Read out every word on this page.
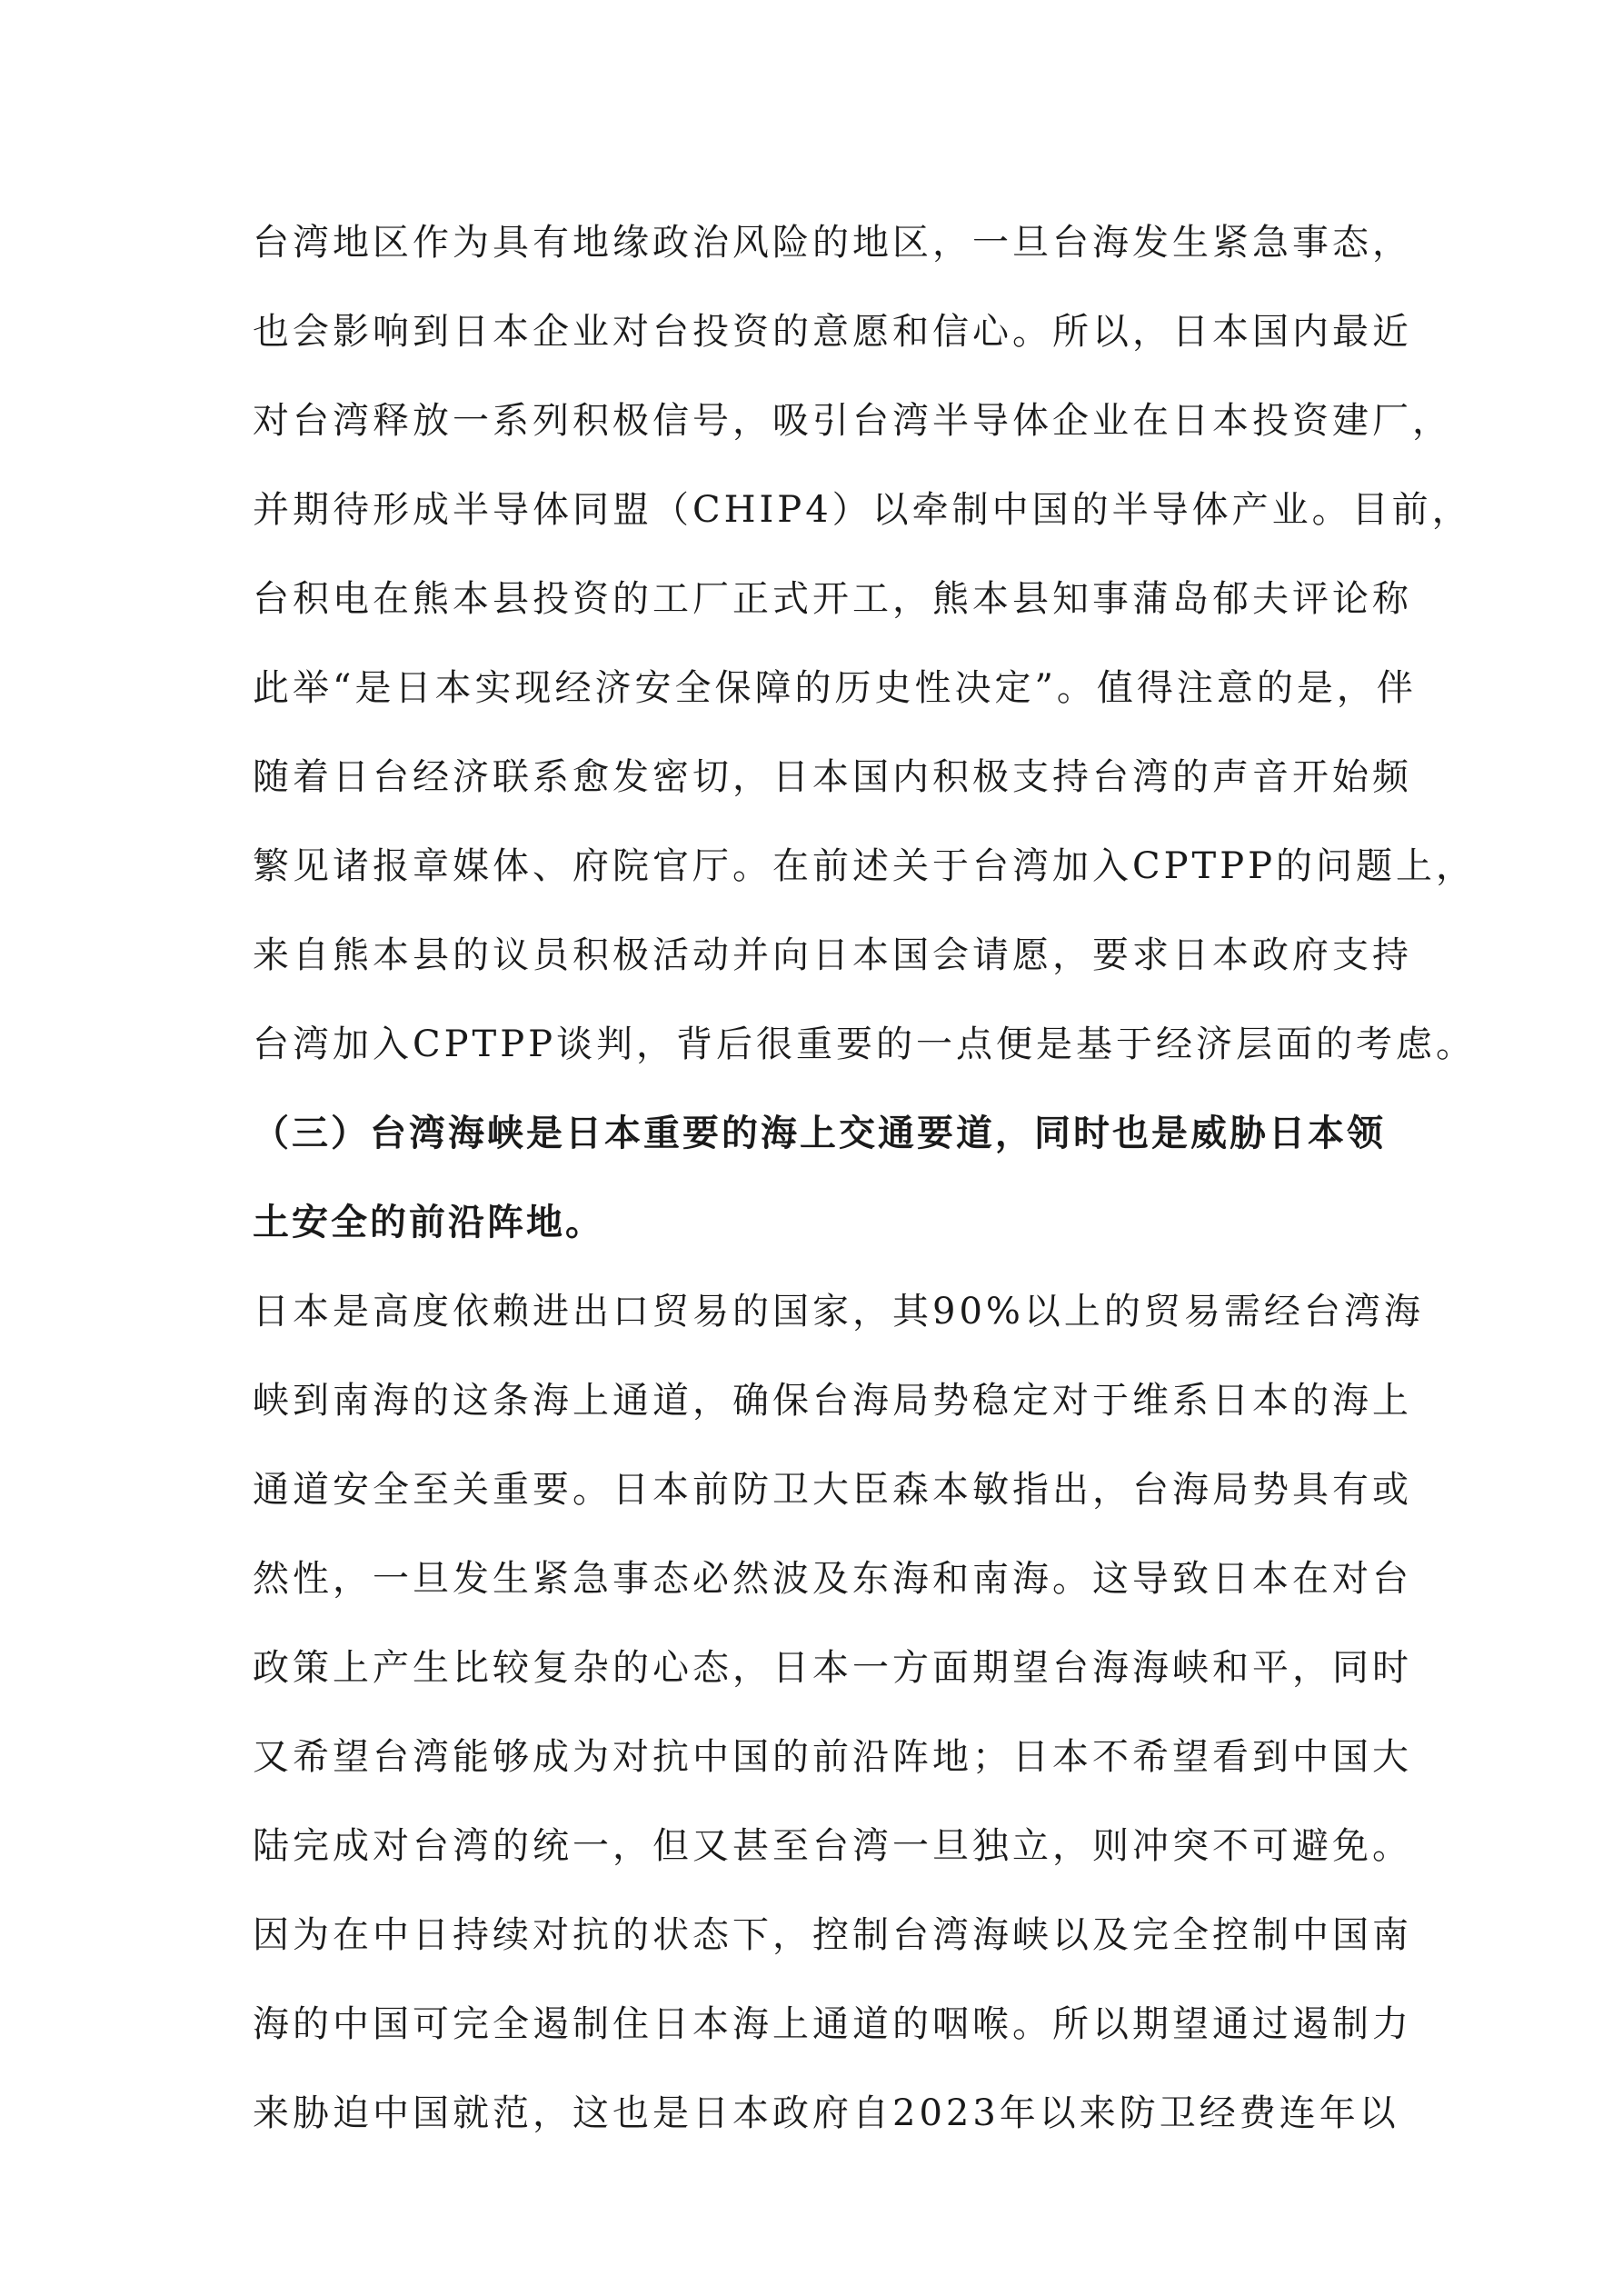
台湾地区作为具有地缘政治风险的地区，一旦台海发生紧急事态，
也会影响到日本企业对台投资的意愿和信心。所以，日本国内最近
对台湾释放一系列积极信号，吸引台湾半导体企业在日本投资建厂，
并期待形成半导体同盟（CHIP4）以牵制中国的半导体产业。目前，
台积电在熊本县投资的工厂正式开工，熊本县知事蒲岛郁夫评论称
此举“是日本实现经济安全保障的历史性决定”。值得注意的是，伴
随着日台经济联系愈发密切，日本国内积极支持台湾的声音开始频
繁见诸报章媒体、府院官厅。在前述关于台湾加入CPTPP的问题上，
来自熊本县的议员积极活动并向日本国会请愿，要求日本政府支持
台湾加入CPTPP谈判，背后很重要的一点便是基于经济层面的考虑。
（三）台湾海峡是日本重要的海上交通要道，同时也是威胁日本领
土安全的前沿阵地。
日本是高度依赖进出口贸易的国家，其90%以上的贸易需经台湾海
峡到南海的这条海上通道，确保台海局势稳定对于维系日本的海上
通道安全至关重要。日本前防卫大臣森本敏指出，台海局势具有或
然性，一旦发生紧急事态必然波及东海和南海。这导致日本在对台
政策上产生比较复杂的心态，日本一方面期望台海海峡和平，同时
又希望台湾能够成为对抗中国的前沿阵地；日本不希望看到中国大
陆完成对台湾的统一，但又甚至台湾一旦独立，则冲突不可避免。
因为在中日持续对抗的状态下，控制台湾海峡以及完全控制中国南
海的中国可完全遏制住日本海上通道的咽喉。所以期望通过遏制力
来胁迫中国就范，这也是日本政府自2023年以来防卫经费连年以
